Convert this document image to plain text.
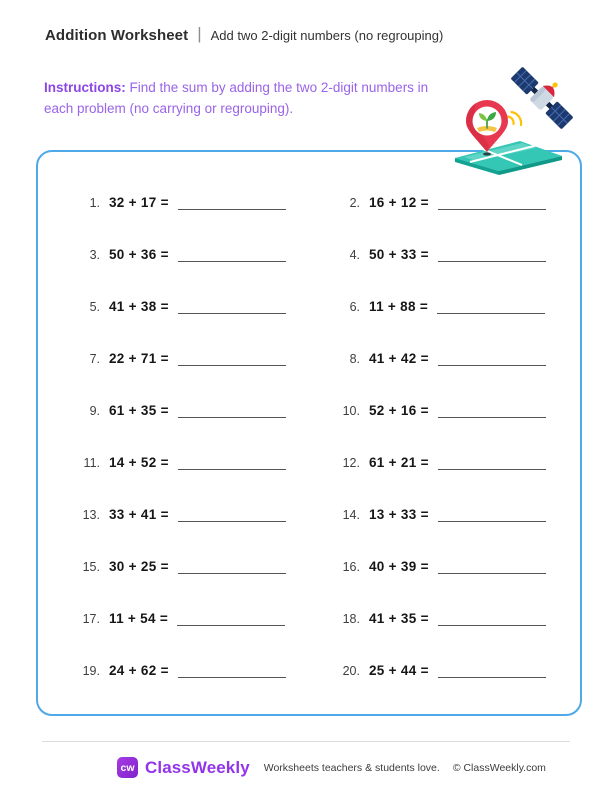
Addition Worksheet | Add two 2-digit numbers (no regrouping)
Instructions: Find the sum by adding the two 2-digit numbers in each problem (no carrying or regrouping).
1. 32 + 17 =	2. 16 + 12 =
3. 50 + 36 =	4. 50 + 33 =
5. 41 + 38 =	6. 11 + 88 =
7. 22 + 71 =	8. 41 + 42 =
9. 61 + 35 =	10. 52 + 16 =
11. 14 + 52 =	12. 61 + 21 =
13. 33 + 41 =	14. 13 + 33 =
15. 30 + 25 =	16. 40 + 39 =
17. 11 + 54 =	18. 41 + 35 =
19. 24 + 62 =	20. 25 + 44 =
cw ClassWeekly Worksheets teachers & students love. © ClassWeekly.com
